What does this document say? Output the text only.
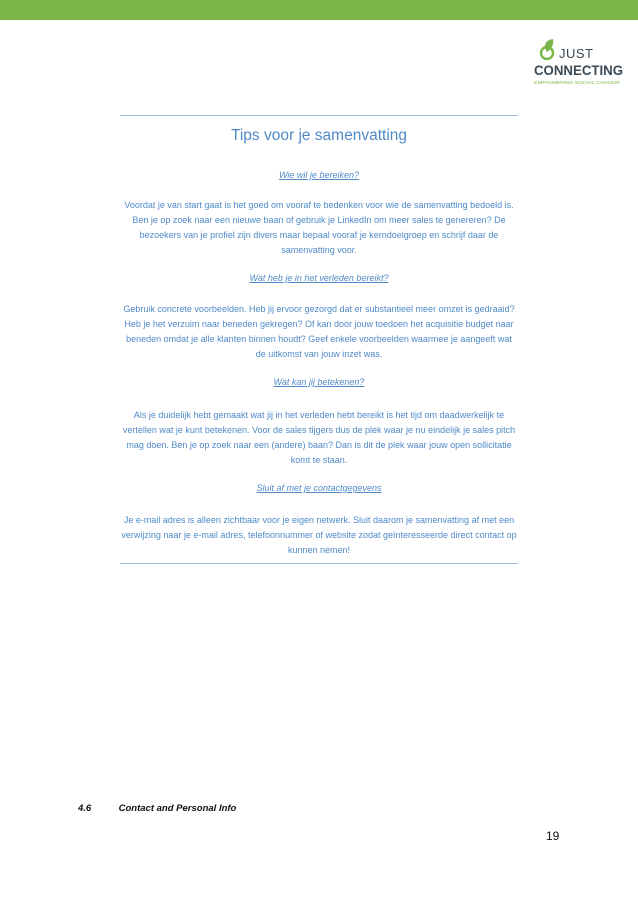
JUST
CONNECTING
EMPOWERING SOCIAL CHANGE
Tips voor je samenvatting
Wie wil je bereiken?
Voordat je van start gaat is het goed om vooraf te bedenken voor wie de samenvatting bedoeld is. Ben je op zoek naar een nieuwe baan of gebruik je LinkedIn om meer sales te genereren? De bezoekers van je profiel zijn divers maar bepaal vooraf je kerndoelgroep en schrijf daar de samenvatting voor.
Wat heb je in het verleden bereikt?
Gebruik concrete voorbeelden. Heb jij ervoor gezorgd dat er substantieel meer omzet is gedraaid? Heb je het verzuim naar beneden gekregen? Of kan door jouw toedoen het acquisitie budget naar beneden omdat je alle klanten binnen houdt? Geef enkele voorbeelden waarmee je aangeeft wat de uitkomst van jouw inzet was.
Wat kan jij betekenen?
Als je duidelijk hebt gemaakt wat jij in het verleden hebt bereikt is het tijd om daadwerkelijk te vertellen wat je kunt betekenen. Voor de sales tijgers dus de plek waar je nu eindelijk je sales pitch mag doen. Ben je op zoek naar een (andere) baan? Dan is dit de plek waar jouw open sollicitatie komt te staan.
Sluit af met je contactgegevens
Je e-mail adres is alleen zichtbaar voor je eigen netwerk. Sluit daarom je samenvatting af met een verwijzing naar je e-mail adres, telefoonnummer of website zodat geïnteresseerde direct contact op kunnen nemen!
4.6	Contact and Personal Info
19
